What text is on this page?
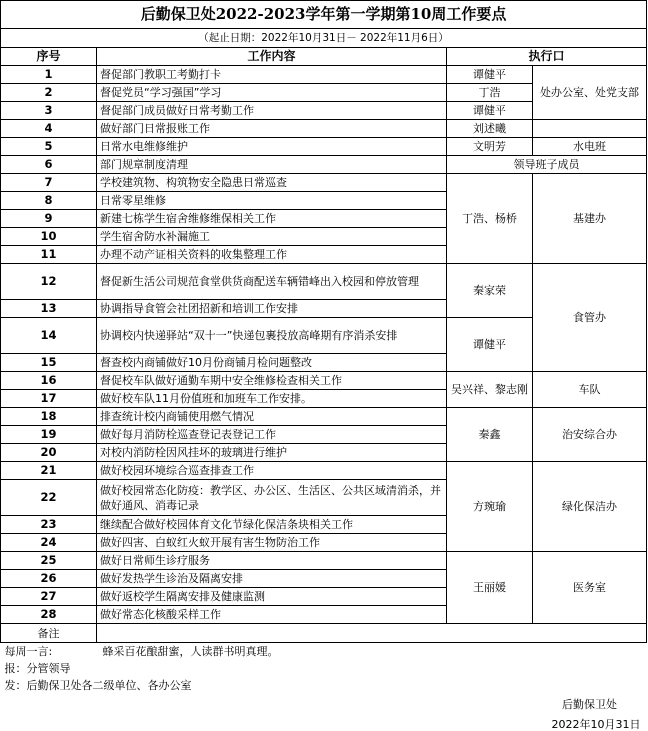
后勤保卫处2022-2023学年第一学期第10周工作要点			
（起止日期：2022年10月31日－ 2022年11月6日）			
序号	工作内容	执行口	
1	督促部门教职工考勤打卡	谭健平	处办公室、处党支部
2	督促党员“学习强国”学习	丁浩	
3	督促部门成员做好日常考勤工作	谭健平	
4	做好部门日常报账工作	刘述曦	
5	日常水电维修维护	文明芳	水电班
6	部门规章制度清理	领导班子成员	
7	学校建筑物、构筑物安全隐患日常巡查	丁浩、杨桥	基建办
8	日常零星维修		
9	新建七栋学生宿舍维修维保相关工作		
10	学生宿舍防水补漏施工		
11	办理不动产证相关资料的收集整理工作		
12	督促新生活公司规范食堂供货商配送车辆错峰出入校园和停放管理	秦家荣	食管办
13	协调指导食管会社团招新和培训工作安排		
14	协调校内快递驿站“双十一”快递包裹投放高峰期有序消杀安排	谭健平	
15	督查校内商铺做好10月份商铺月检问题整改		
16	督促校车队做好通勤车期中安全维修检查相关工作	吴兴祥、黎志刚	车队
17	做好校车队11月份值班和加班车工作安排。		
18	排查统计校内商铺使用燃气情况	秦鑫	治安综合办
19	做好每月消防栓巡查登记表登记工作		
20	对校内消防栓因风挂坏的玻璃进行维护		
21	做好校园环境综合巡查排查工作	方琬瑜	绿化保洁办
22	做好校园常态化防疫：教学区、办公区、生活区、公共区域清消杀，并做好通风、消毒记录		
23	继续配合做好校园体育文化节绿化保洁条块相关工作		
24	做好四害、白蚁红火蚁开展有害生物防治工作		
25	做好日常师生诊疗服务	王丽媛	医务室
26	做好发热学生诊治及隔离安排		
27	做好返校学生隔离安排及健康监测		
28	做好常态化核酸采样工作		
备注			
每周一言:	蜂采百花酿甜蜜，人读群书明真理。		
报：分管领导			
发：后勤保卫处各二级单位、各办公室			
			后勤保卫处
			2022年10月31日
